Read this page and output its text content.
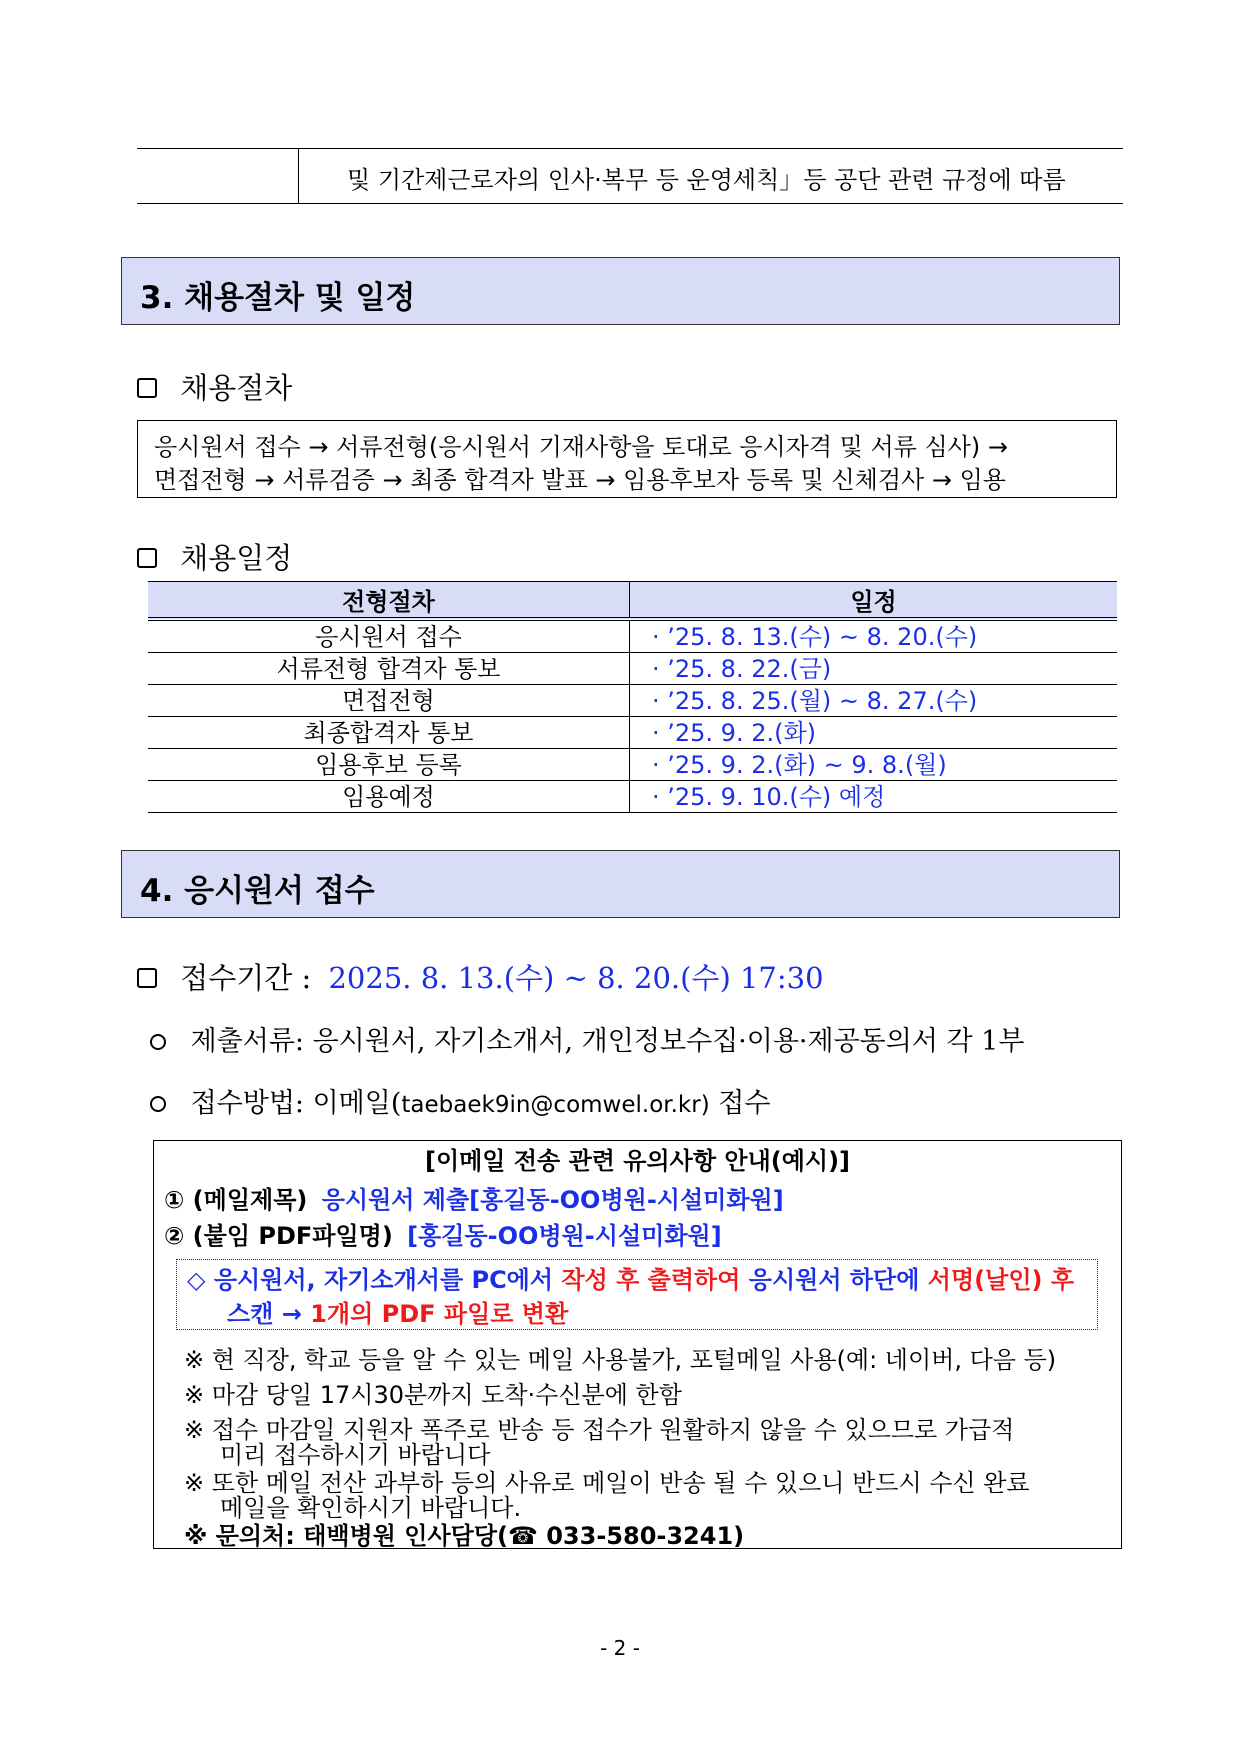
및 기간제근로자의 인사·복무 등 운영세칙」등 공단 관련 규정에 따름
3. 채용절차 및 일정
채용절차
응시원서 접수 → 서류전형(응시원서 기재사항을 토대로 응시자격 및 서류 심사) →
면접전형 → 서류검증 → 최종 합격자 발표 → 임용후보자 등록 및 신체검사 → 임용
채용일정
전형절차	일정
응시원서 접수	· ’25. 8. 13.(수) ~ 8. 20.(수)
서류전형 합격자 통보	· ’25. 8. 22.(금)
면접전형	· ’25. 8. 25.(월) ~ 8. 27.(수)
최종합격자 통보	· ’25. 9. 2.(화)
임용후보 등록	· ’25. 9. 2.(화) ~ 9. 8.(월)
임용예정	· ’25. 9. 10.(수) 예정
4. 응시원서 접수
접수기간 : 2025. 8. 13.(수) ~ 8. 20.(수) 17:30
제출서류: 응시원서, 자기소개서, 개인정보수집·이용·제공동의서 각 1부
접수방법: 이메일(taebaek9in@comwel.or.kr) 접수
[이메일 전송 관련 유의사항 안내(예시)]
① (메일제목) 응시원서 제출[홍길동-OO병원-시설미화원]
② (붙임 PDF파일명) [홍길동-OO병원-시설미화원]
◇ 응시원서, 자기소개서를 PC에서 작성 후 출력하여 응시원서 하단에 서명(날인) 후
스캔 → 1개의 PDF 파일로 변환
※ 현 직장, 학교 등을 알 수 있는 메일 사용불가, 포털메일 사용(예: 네이버, 다음 등)
※ 마감 당일 17시30분까지 도착·수신분에 한함
※ 접수 마감일 지원자 폭주로 반송 등 접수가 원활하지 않을 수 있으므로 가급적
미리 접수하시기 바랍니다
※ 또한 메일 전산 과부하 등의 사유로 메일이 반송 될 수 있으니 반드시 수신 완료
메일을 확인하시기 바랍니다.
※ 문의처: 태백병원 인사담당(☎ 033-580-3241)
- 2 -
